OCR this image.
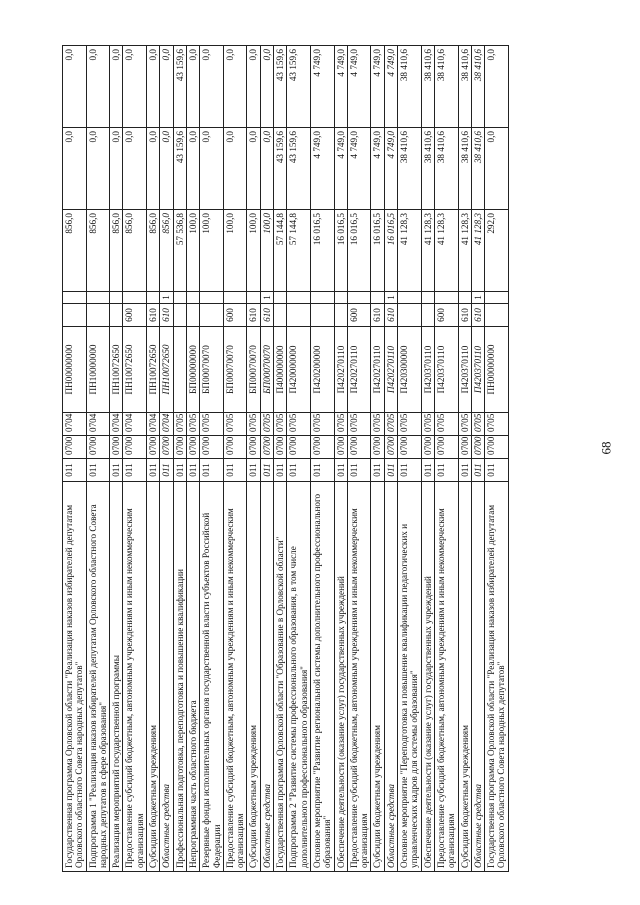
68
Государственная программа Орловской области "Реализация наказов избирателей депутатам Орловского областного Совета народных депутатов"	011	0700	0704	ПН00000000			856,0	0,0	0,0
Подпрограмма 1 "Реализация наказов избирателей депутатам Орловского областного Совета народных депутатов в сфере образования"	011	0700	0704	ПН10000000			856,0	0,0	0,0
Реализация мероприятий государственной программы	011	0700	0704	ПН10072650			856,0	0,0	0,0
Предоставление субсидий бюджетным, автономным учреждениям и иным некоммерческим организациям	011	0700	0704	ПН10072650	600		856,0	0,0	0,0
Субсидии бюджетным учреждениям	011	0700	0704	ПН10072650	610		856,0	0,0	0,0
Областные средства	011	0700	0704	ПН10072650	610	1	856,0	0,0	0,0
Профессиональная подготовка, переподготовка и повышение квалификации	011	0700	0705				57 536,8	43 159,6	43 159,6
Непрограммная часть областного бюджета	011	0700	0705	БП00000000			100,0	0,0	0,0
Резервные фонды исполнительных органов государственной власти субъектов Российской Федерации	011	0700	0705	БП00070070			100,0	0,0	0,0
Предоставление субсидий бюджетным, автономным учреждениям и иным некоммерческим организациям	011	0700	0705	БП00070070	600		100,0	0,0	0,0
Субсидии бюджетным учреждениям	011	0700	0705	БП00070070	610		100,0	0,0	0,0
Областные средства	011	0700	0705	БП00070070	610	1	100,0	0,0	0,0
Государственная программа Орловской области "Образование в Орловской области"	011	0700	0705	П400000000			57 144,8	43 159,6	43 159,6
Подпрограмма 2 "Развитие системы профессионального образования, в том числе дополнительного профессионального образования"	011	0700	0705	П420000000			57 144,8	43 159,6	43 159,6
Основное мероприятие "Развитие региональной системы дополнительного профессионального образования"	011	0700	0705	П420200000			16 016,5	4 749,0	4 749,0
Обеспечение деятельности (оказание услуг) государственных учреждений	011	0700	0705	П420270110			16 016,5	4 749,0	4 749,0
Предоставление субсидий бюджетным, автономным учреждениям и иным некоммерческим организациям	011	0700	0705	П420270110	600		16 016,5	4 749,0	4 749,0
Субсидии бюджетным учреждениям	011	0700	0705	П420270110	610		16 016,5	4 749,0	4 749,0
Областные средства	011	0700	0705	П420270110	610	1	16 016,5	4 749,0	4 749,0
Основное мероприятие "Переподготовка и повышение квалификации педагогических и управленческих кадров для системы образования"	011	0700	0705	П420300000			41 128,3	38 410,6	38 410,6
Обеспечение деятельности (оказание услуг) государственных учреждений	011	0700	0705	П420370110			41 128,3	38 410,6	38 410,6
Предоставление субсидий бюджетным, автономным учреждениям и иным некоммерческим организациям	011	0700	0705	П420370110	600		41 128,3	38 410,6	38 410,6
Субсидии бюджетным учреждениям	011	0700	0705	П420370110	610		41 128,3	38 410,6	38 410,6
Областные средства	011	0700	0705	П420370110	610	1	41 128,3	38 410,6	38 410,6
Государственная программа Орловской области "Реализация наказов избирателей депутатам Орловского областного Совета народных депутатов"	011	0700	0705	ПН00000000			292,0	0,0	0,0
